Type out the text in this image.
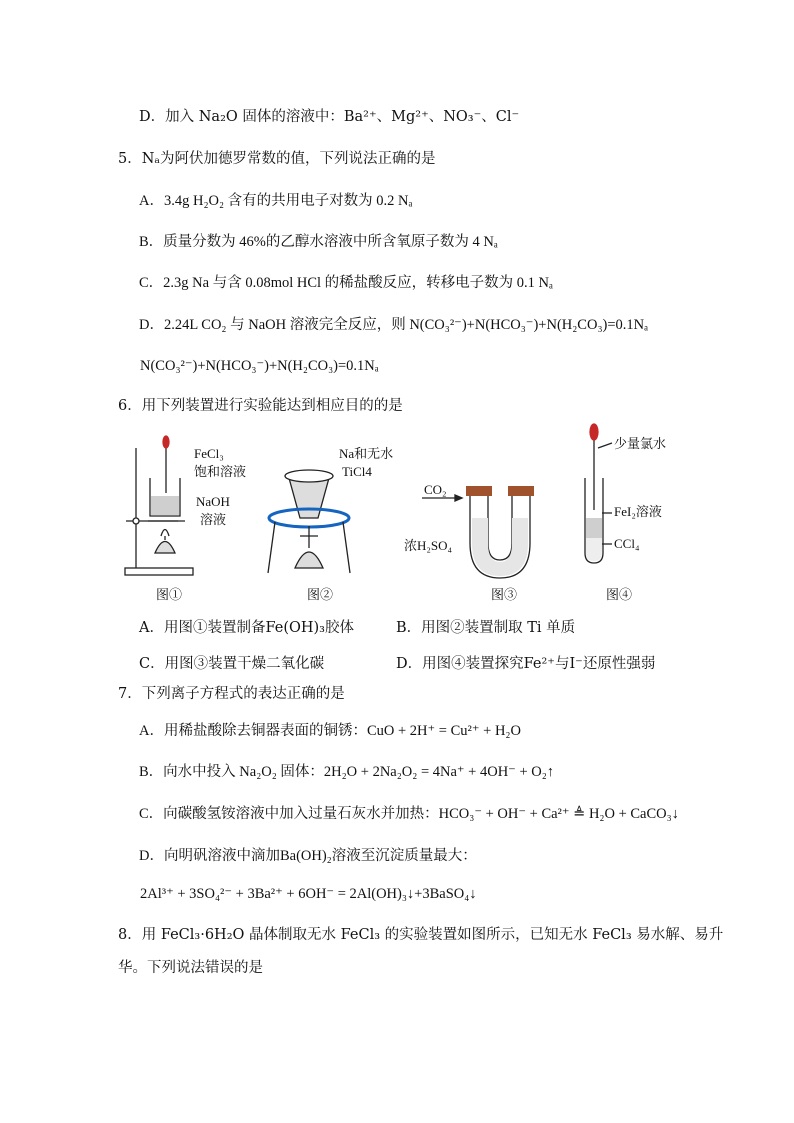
D．加入 Na₂O 固体的溶液中：Ba²⁺、Mg²⁺、NO₃⁻、Cl⁻
5．Nₐ为阿伏加德罗常数的值，下列说法正确的是
A．3.4g H₂O₂ 含有的共用电子对数为 0.2 Nₐ
B．质量分数为 46%的乙醇水溶液中所含氧原子数为 4 Nₐ
C．2.3g Na 与含 0.08mol HCl 的稀盐酸反应，转移电子数为 0.1 Nₐ
D．2.24L CO₂ 与 NaOH 溶液完全反应，则 N(CO₃²⁻)+N(HCO₃⁻)+N(H₂CO₃)=0.1Nₐ
N(CO₃²⁻)+N(HCO₃⁻)+N(H₂CO₃)=0.1Nₐ
6．用下列装置进行实验能达到相应目的的是
FeCl₃
饱和溶液
NaOH
溶液
Na和无水
TiCl4
CO₂
浓H₂SO₄
少量氯水
FeI₂溶液
CCl₄
图①	图②	图③	图④
A．用图①装置制备Fe(OH)₃胶体	B．用图②装置制取 Ti 单质
C．用图③装置干燥二氧化碳	D．用图④装置探究Fe²⁺与I⁻还原性强弱
7．下列离子方程式的表达正确的是
A．用稀盐酸除去铜器表面的铜锈：CuO + 2H⁺ = Cu²⁺ + H₂O
B．向水中投入 Na₂O₂ 固体：2H₂O + 2Na₂O₂ = 4Na⁺ + 4OH⁻ + O₂↑
C．向碳酸氢铵溶液中加入过量石灰水并加热：HCO₃⁻ + OH⁻ + Ca²⁺ ≜ H₂O + CaCO₃↓
D．向明矾溶液中滴加Ba(OH)₂溶液至沉淀质量最大：
2Al³⁺ + 3SO₄²⁻ + 3Ba²⁺ + 6OH⁻ = 2Al(OH)₃↓+3BaSO₄↓
8．用 FeCl₃·6H₂O 晶体制取无水 FeCl₃ 的实验装置如图所示，已知无水 FeCl₃ 易水解、易升
华。下列说法错误的是
